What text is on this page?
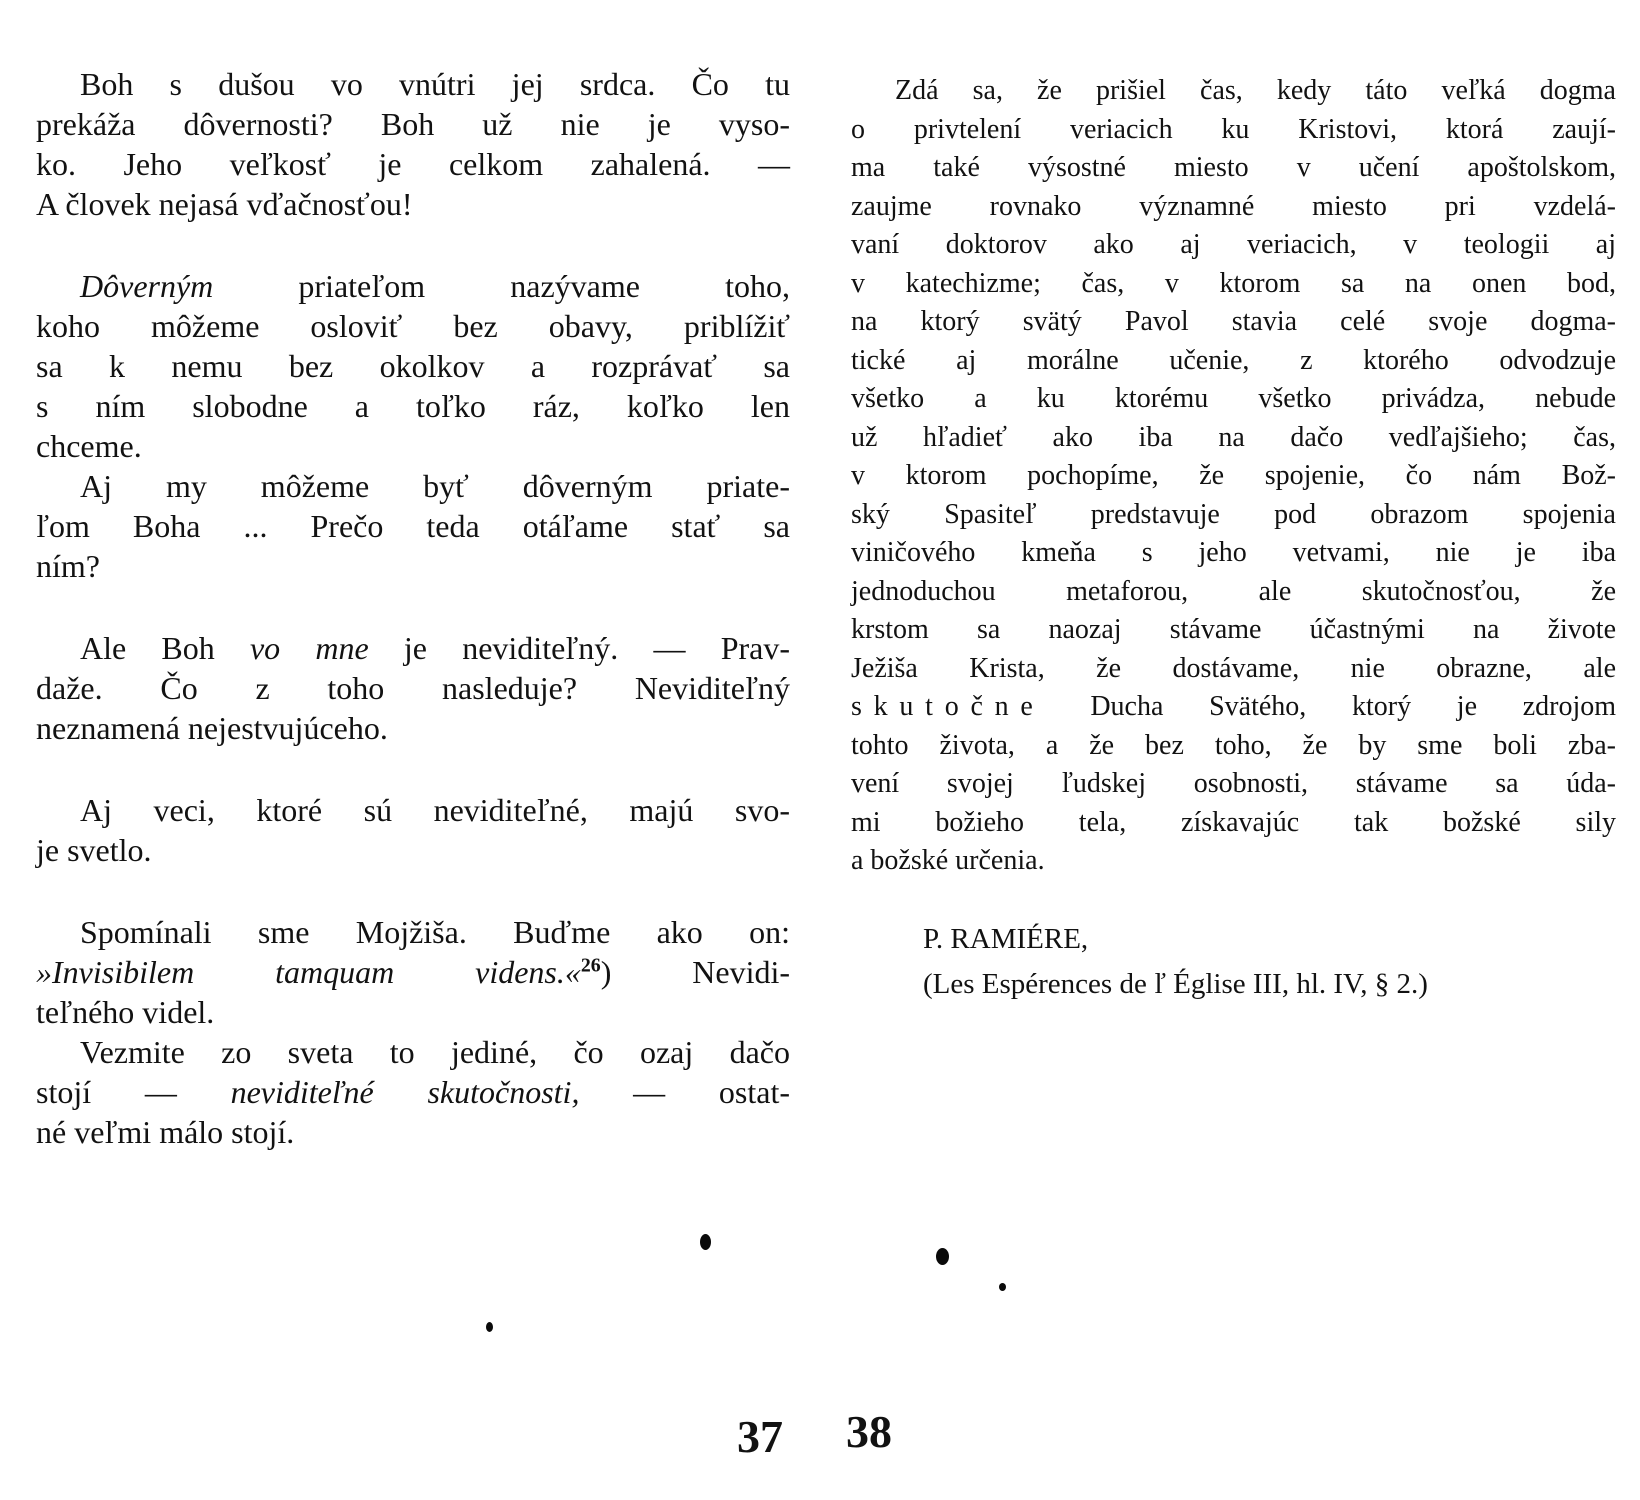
Boh s dušou vo vnútri jej srdca. Čo tu
prekáža dôvernosti? Boh už nie je vyso-
ko. Jeho veľkosť je celkom zahalená. —
A človek nejasá vďačnosťou!
Dôverným priateľom nazývame toho,
koho môžeme osloviť bez obavy, priblížiť
sa k nemu bez okolkov a rozprávať sa
s ním slobodne a toľko ráz, koľko len
chceme.
Aj my môžeme byť dôverným priate-
ľom Boha ... Prečo teda otáľame stať sa
ním?
Ale Boh vo mne je neviditeľný. — Prav-
daže. Čo z toho nasleduje? Neviditeľný
neznamená nejestvujúceho.
Aj veci, ktoré sú neviditeľné, majú svo-
je svetlo.
Spomínali sme Mojžiša. Buďme ako on:
»Invisibilem tamquam videns.«$^{26}$) Nevidi-
teľného videl.
Vezmite zo sveta to jediné, čo ozaj dačo
stojí — neviditeľné skutočnosti, — ostat-
né veľmi málo stojí.
Zdá sa, že prišiel čas, kedy táto veľká dogma
o privtelení veriacich ku Kristovi, ktorá zaují-
ma také výsostné miesto v učení apoštolskom,
zaujme rovnako významné miesto pri vzdelá-
vaní doktorov ako aj veriacich, v teologii aj
v katechizme; čas, v ktorom sa na onen bod,
na ktorý svätý Pavol stavia celé svoje dogma-
tické aj morálne učenie, z ktorého odvodzuje
všetko a ku ktorému všetko privádza, nebude
už hľadieť ako iba na dačo vedľajšieho; čas,
v ktorom pochopíme, že spojenie, čo nám Bož-
ský Spasiteľ predstavuje pod obrazom spojenia
viničového kmeňa s jeho vetvami, nie je iba
jednoduchou metaforou, ale skutočnosťou, že
krstom sa naozaj stávame účastnými na živote
Ježiša Krista, že dostávame, nie obrazne, ale
skutočne Ducha Svätého, ktorý je zdrojom
tohto života, a že bez toho, že by sme boli zba-
vení svojej ľudskej osobnosti, stávame sa úda-
mi božieho tela, získavajúc tak božské sily
a božské určenia.
P. RAMIÉRE,
(Les Espérences de ľ Église III, hl. IV, § 2.)
37 38
